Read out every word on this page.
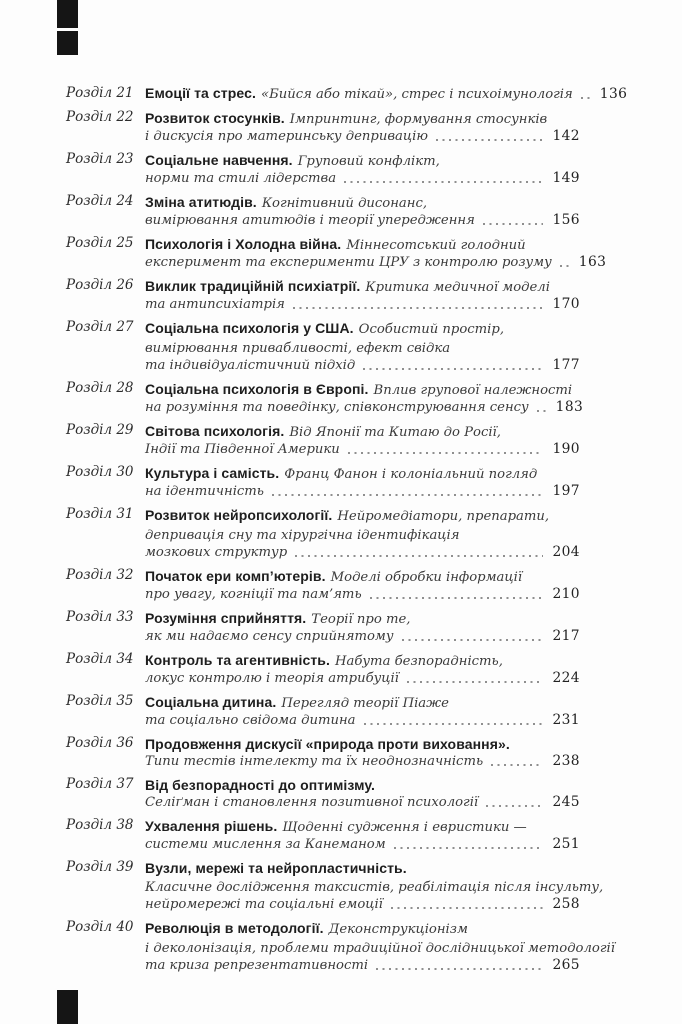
Розділ 21 Емоції та стрес. «Бийся або тікай», стрес і психоімунологія 136
Розділ 22 Розвиток стосунків. Імпринтинг, формування стосунків
і дискусія про материнську депривацію	142
Розділ 23 Соціальне навчення. Груповий конфлікт,
норми та стилі лідерства	149
Розділ 24 Зміна атитюдів. Когнітивний дисонанс,
вимірювання атитюдів і теорії упередження	156
Розділ 25 Психологія і Холодна війна. Міннесотський голодний
експеримент та експерименти ЦРУ з контролю розуму 163
Розділ 26 Виклик традиційній психіатрії. Критика медичної моделі
та антипсихіатрія	170
Розділ 27 Соціальна психологія у США. Особистий простір,
вимірювання привабливості, ефект свідка
та індивідуалістичний підхід	177
Розділ 28 Соціальна психологія в Європі. Вплив групової належності
на розуміння та поведінку, співконструювання сенсу 183
Розділ 29 Світова психологія. Від Японії та Китаю до Росії,
Індії та Південної Америки	190
Розділ 30 Культура і самість. Франц Фанон і колоніальний погляд
на ідентичність	197
Розділ 31 Розвиток нейропсихології. Нейромедіатори, препарати,
депривація сну та хірургічна ідентифікація
мозкових структур	204
Розділ 32 Початок ери комп’ютерів. Моделі обробки інформації
про увагу, когніції та пам’ять	210
Розділ 33 Розуміння сприйняття. Теорії про те,
як ми надаємо сенсу сприйнятому	217
Розділ 34 Контроль та агентивність. Набута безпорадність,
локус контролю і теорія атрибуції	224
Розділ 35 Соціальна дитина. Перегляд теорії Піаже
та соціально свідома дитина	231
Розділ 36 Продовження дискусії «природа проти виховання».
Типи тестів інтелекту та їх неоднозначність	238
Розділ 37 Від безпорадності до оптимізму.
Селіґман і становлення позитивної психології	245
Розділ 38 Ухвалення рішень. Щоденні судження і евристики —
системи мислення за Канеманом	251
Розділ 39 Вузли, мережі та нейропластичність.
Класичне дослідження таксистів, реабілітація після інсульту,
нейромережі та соціальні емоції	258
Розділ 40 Революція в методології. Деконструкціонізм
і деколонізація, проблеми традиційної дослідницької методології
та криза репрезентативності	265
